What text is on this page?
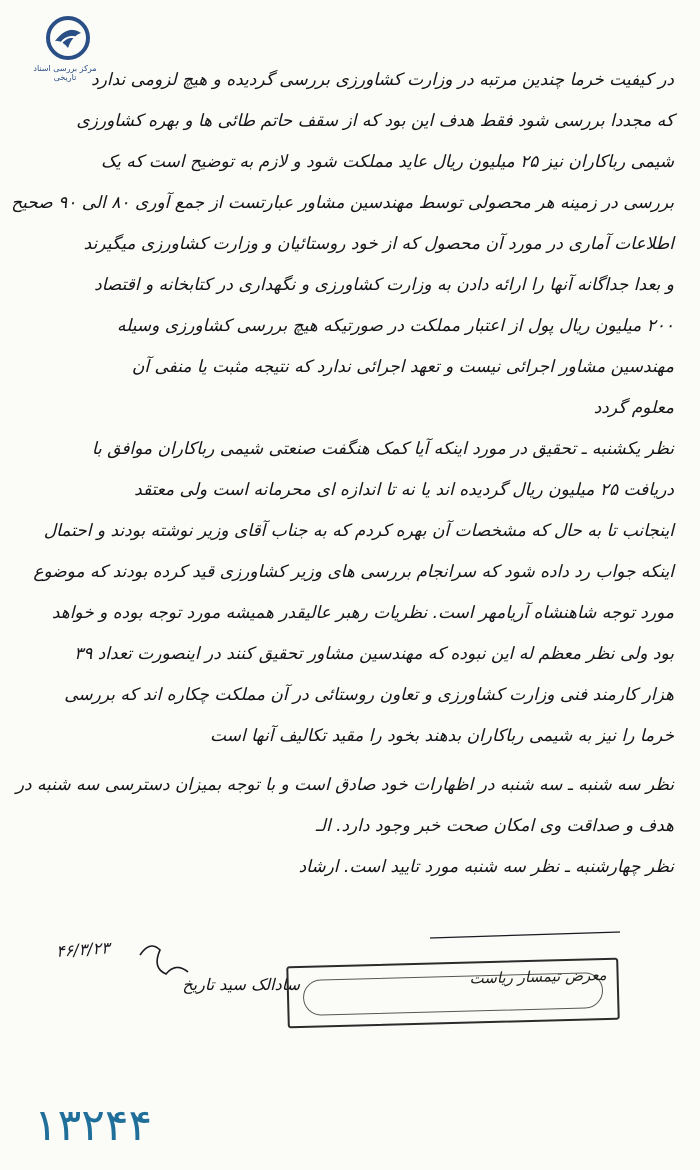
مرکز بررسی اسناد تاریخی در کیفیت خرما چندین مرتبه در وزارت کشاورزی بررسی گردیده و هیچ لزومی ندارد
که مجددا بررسی شود فقط هدف این بود که از سقف حاتم طائی ها و بهره کشاورزی
شیمی رباکاران نیز ۲۵ میلیون ریال عاید مملکت شود و لازم به توضیح است که یک
بررسی در زمینه هر محصولی توسط مهندسین مشاور عبارتست از جمع آوری ۸۰ الی ۹۰ صحیح
اطلاعات آماری در مورد آن محصول که از خود روستائیان و وزارت کشاورزی میگیرند
و بعدا جداگانه آنها را ارائه دادن به وزارت کشاورزی و نگهداری در کتابخانه و اقتصاد
۲۰۰ میلیون ریال پول از اعتبار مملکت در صورتیکه هیچ بررسی کشاورزی وسیله
مهندسین مشاور اجرائی نیست و تعهد اجرائی ندارد که نتیجه مثبت یا منفی آن
معلوم گردد
نظر یکشنبه ـ تحقیق در مورد اینکه آیا کمک هنگفت صنعتی شیمی رباکاران موافق با
دریافت ۲۵ میلیون ریال گردیده اند یا نه تا اندازه ای محرمانه است ولی معتقد
اینجانب تا به حال که مشخصات آن بهره کردم که به جناب آقای وزیر نوشته بودند و احتمال
اینکه جواب رد داده شود که سرانجام بررسی های وزیر کشاورزی قید کرده بودند که موضوع
مورد توجه شاهنشاه آریامهر است. نظریات رهبر عالیقدر همیشه مورد توجه بوده و خواهد
بود ولی نظر معظم له این نبوده که مهندسین مشاور تحقیق کنند در اینصورت تعداد ۳۹
هزار کارمند فنی وزارت کشاورزی و تعاون روستائی در آن مملکت چکاره اند که بررسی
خرما را نیز به شیمی رباکاران بدهند بخود را مقید تکالیف آنها است
نظر سه شنبه ـ سه شنبه در اظهارات خود صادق است و با توجه بمیزان دسترسی سه شنبه در
هدف و صداقت وی امکان صحت خبر وجود دارد. الـ
نظر چهارشنبه ـ نظر سه شنبه مورد تایید است. ارشاد
۴۶/۳/۲۳
سادالک سید تاریخ	معرض تیمسار ریاست
۱۳۲۴۴
